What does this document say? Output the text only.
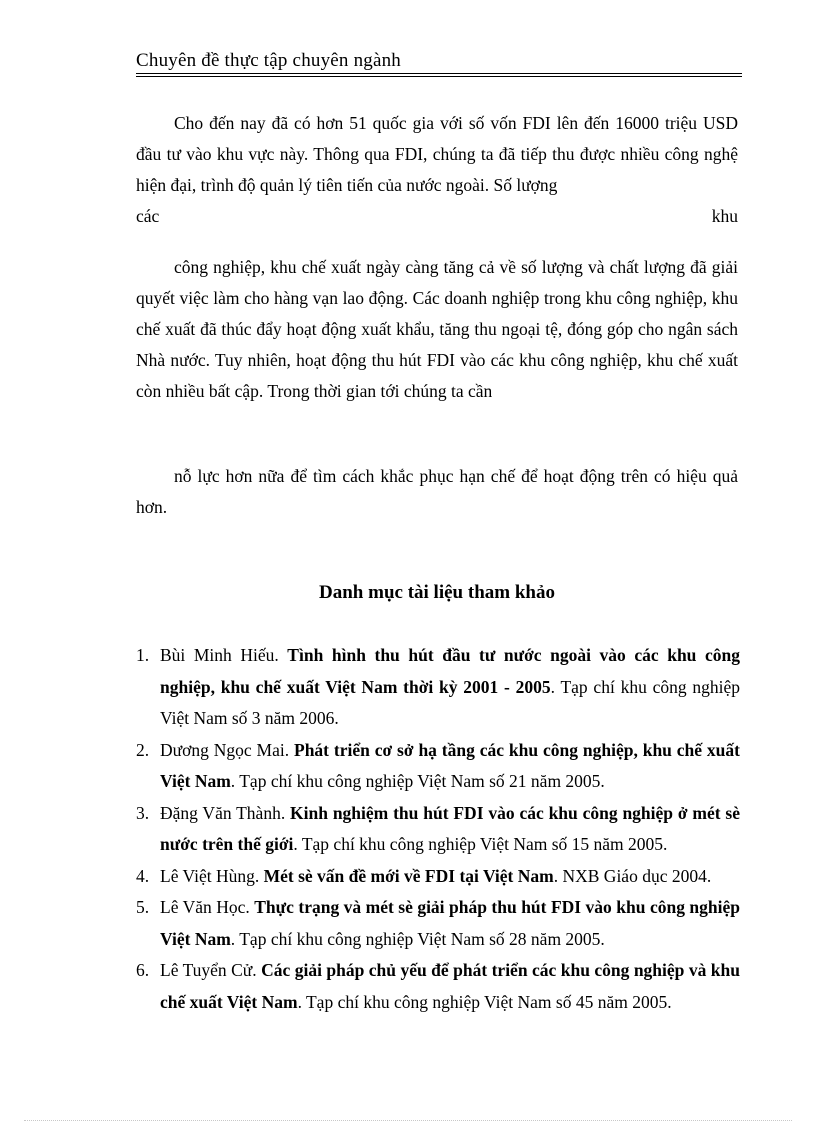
Chuyên đề thực tập chuyên ngành
Cho đến nay đã có hơn 51 quốc gia với số vốn FDI lên đến 16000 triệu USD đầu tư vào khu vực này. Thông qua FDI, chúng ta đã tiếp thu được nhiều công nghệ hiện đại, trình độ quản lý tiên tiến của nước ngoài. Số lượng
các	khu
công nghiệp, khu chế xuất ngày càng tăng cả về số lượng và chất lượng đã giải quyết việc làm cho hàng vạn lao động. Các doanh nghiệp trong khu công nghiệp, khu chế xuất đã thúc đẩy hoạt động xuất khẩu, tăng thu ngoại tệ, đóng góp cho ngân sách Nhà nước. Tuy nhiên, hoạt động thu hút FDI vào các khu công nghiệp, khu chế xuất còn nhiều bất cập. Trong thời gian tới chúng ta cần
nỗ lực hơn nữa để tìm cách khắc phục hạn chế để hoạt động trên có hiệu quả hơn.
Danh mục tài liệu tham khảo
1. Bùi Minh Hiếu. Tình hình thu hút đầu tư nước ngoài vào các khu công nghiệp, khu chế xuất Việt Nam thời kỳ 2001 - 2005. Tạp chí khu công nghiệp Việt Nam số 3 năm 2006.
2. Dương Ngọc Mai. Phát triển cơ sở hạ tầng các khu công nghiệp, khu chế xuất Việt Nam. Tạp chí khu công nghiệp Việt Nam số 21 năm 2005.
3. Đặng Văn Thành. Kinh nghiệm thu hút FDI vào các khu công nghiệp ở mét sè nước trên thế giới. Tạp chí khu công nghiệp Việt Nam số 15 năm 2005.
4. Lê Việt Hùng. Mét sè vấn đề mới về FDI tại Việt Nam. NXB Giáo dục 2004.
5. Lê Văn Học. Thực trạng và mét sè giải pháp thu hút FDI vào khu công nghiệp Việt Nam. Tạp chí khu công nghiệp Việt Nam số 28 năm 2005.
6. Lê Tuyển Cử. Các giải pháp chủ yếu để phát triển các khu công nghiệp và khu chế xuất Việt Nam. Tạp chí khu công nghiệp Việt Nam số 45 năm 2005.
